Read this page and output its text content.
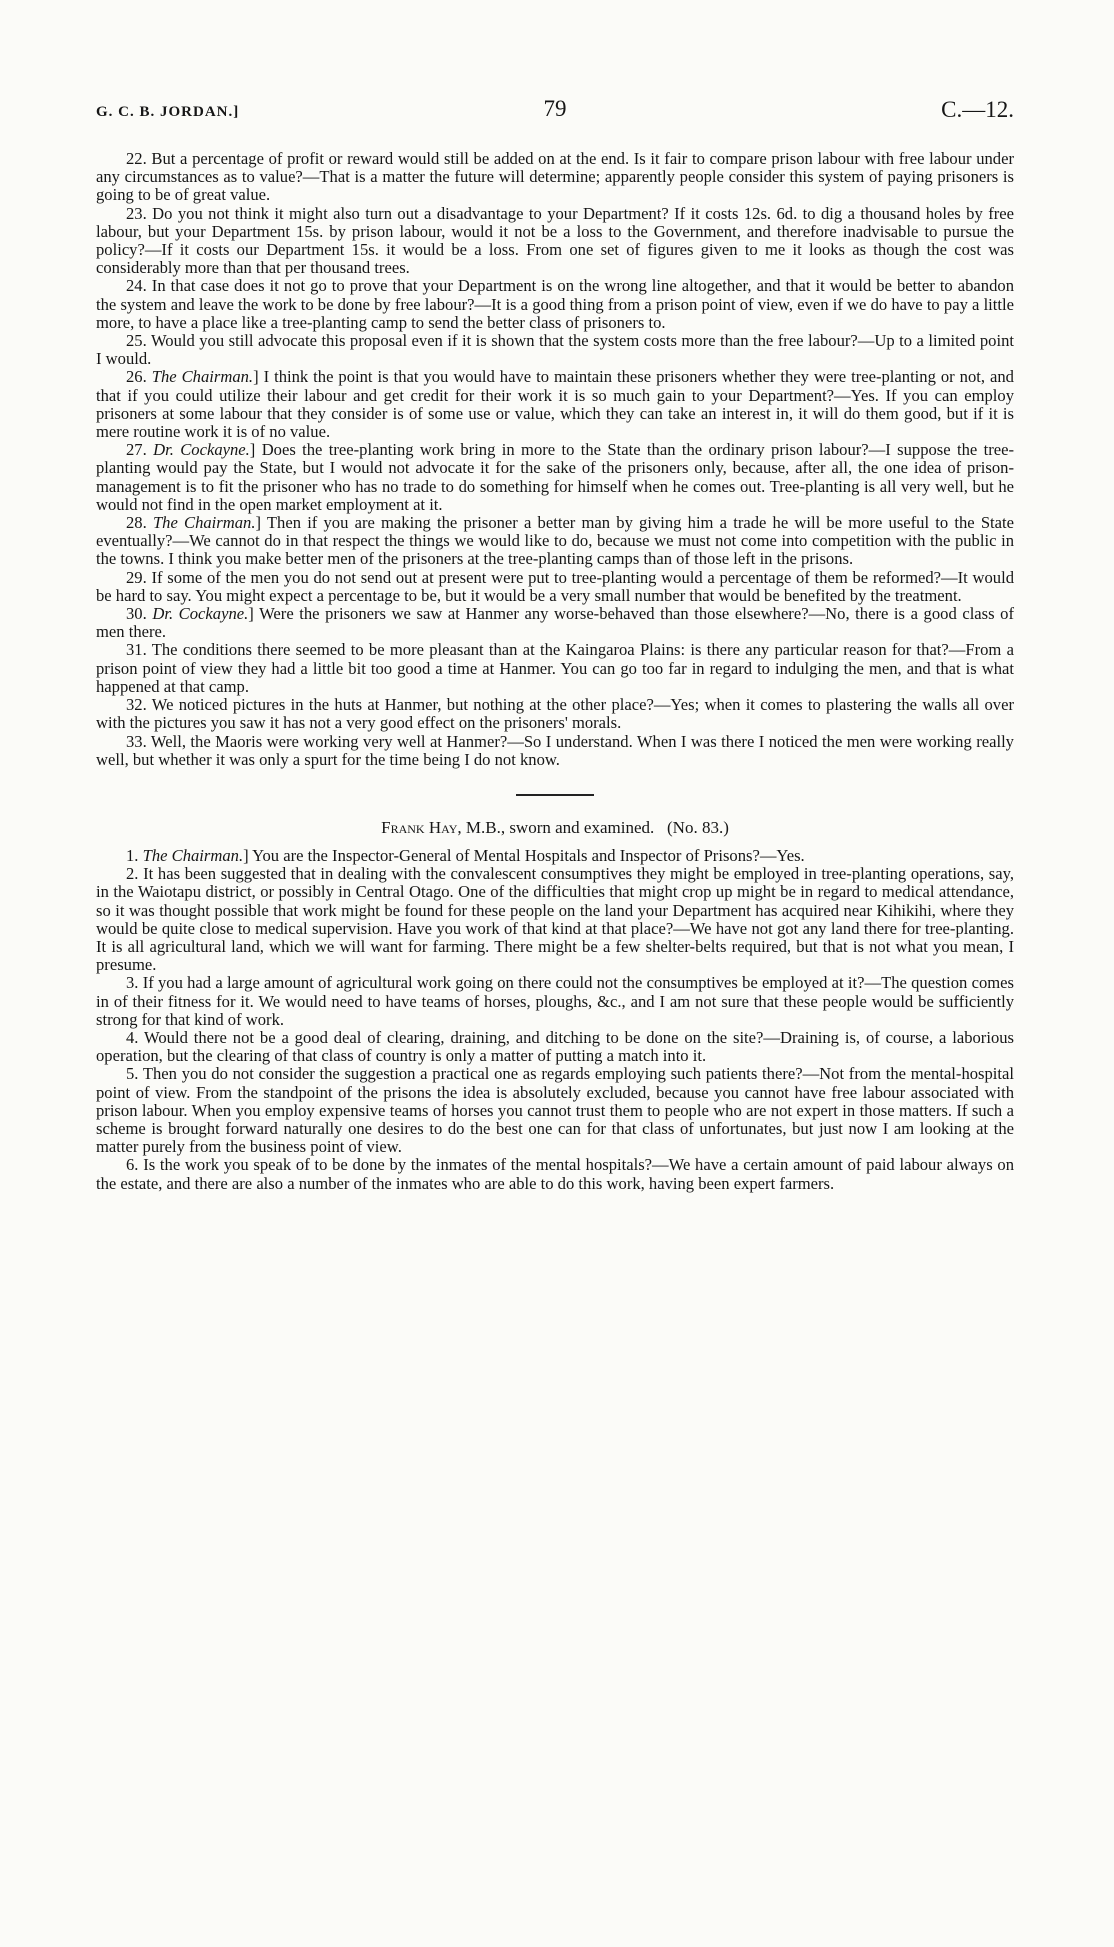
G. C. B. JORDAN.]	79	C.—12.

22. But a percentage of profit or reward would still be added on at the end. Is it fair to compare prison labour with free labour under any circumstances as to value?—That is a matter the future will determine; apparently people consider this system of paying prisoners is going to be of great value.

23. Do you not think it might also turn out a disadvantage to your Department? If it costs 12s. 6d. to dig a thousand holes by free labour, but your Department 15s. by prison labour, would it not be a loss to the Government, and therefore inadvisable to pursue the policy?—If it costs our Department 15s. it would be a loss. From one set of figures given to me it looks as though the cost was considerably more than that per thousand trees.

24. In that case does it not go to prove that your Department is on the wrong line altogether, and that it would be better to abandon the system and leave the work to be done by free labour?—It is a good thing from a prison point of view, even if we do have to pay a little more, to have a place like a tree-planting camp to send the better class of prisoners to.

25. Would you still advocate this proposal even if it is shown that the system costs more than the free labour?—Up to a limited point I would.

26. The Chairman.] I think the point is that you would have to maintain these prisoners whether they were tree-planting or not, and that if you could utilize their labour and get credit for their work it is so much gain to your Department?—Yes. If you can employ prisoners at some labour that they consider is of some use or value, which they can take an interest in, it will do them good, but if it is mere routine work it is of no value.

27. Dr. Cockayne.] Does the tree-planting work bring in more to the State than the ordinary prison labour?—I suppose the tree-planting would pay the State, but I would not advocate it for the sake of the prisoners only, because, after all, the one idea of prison-management is to fit the prisoner who has no trade to do something for himself when he comes out. Tree-planting is all very well, but he would not find in the open market employment at it.

28. The Chairman.] Then if you are making the prisoner a better man by giving him a trade he will be more useful to the State eventually?—We cannot do in that respect the things we would like to do, because we must not come into competition with the public in the towns. I think you make better men of the prisoners at the tree-planting camps than of those left in the prisons.

29. If some of the men you do not send out at present were put to tree-planting would a percentage of them be reformed?—It would be hard to say. You might expect a percentage to be, but it would be a very small number that would be benefited by the treatment.

30. Dr. Cockayne.] Were the prisoners we saw at Hanmer any worse-behaved than those elsewhere?—No, there is a good class of men there.

31. The conditions there seemed to be more pleasant than at the Kaingaroa Plains: is there any particular reason for that?—From a prison point of view they had a little bit too good a time at Hanmer. You can go too far in regard to indulging the men, and that is what happened at that camp.

32. We noticed pictures in the huts at Hanmer, but nothing at the other place?—Yes; when it comes to plastering the walls all over with the pictures you saw it has not a very good effect on the prisoners' morals.

33. Well, the Maoris were working very well at Hanmer?—So I understand. When I was there I noticed the men were working really well, but whether it was only a spurt for the time being I do not know.

Frank Hay, M.B., sworn and examined. (No. 83.)

1. The Chairman.] You are the Inspector-General of Mental Hospitals and Inspector of Prisons?—Yes.

2. It has been suggested that in dealing with the convalescent consumptives they might be employed in tree-planting operations, say, in the Waiotapu district, or possibly in Central Otago. One of the difficulties that might crop up might be in regard to medical attendance, so it was thought possible that work might be found for these people on the land your Department has acquired near Kihikihi, where they would be quite close to medical supervision. Have you work of that kind at that place?—We have not got any land there for tree-planting. It is all agricultural land, which we will want for farming. There might be a few shelter-belts required, but that is not what you mean, I presume.

3. If you had a large amount of agricultural work going on there could not the consumptives be employed at it?—The question comes in of their fitness for it. We would need to have teams of horses, ploughs, &c., and I am not sure that these people would be sufficiently strong for that kind of work.

4. Would there not be a good deal of clearing, draining, and ditching to be done on the site?—Draining is, of course, a laborious operation, but the clearing of that class of country is only a matter of putting a match into it.

5. Then you do not consider the suggestion a practical one as regards employing such patients there?—Not from the mental-hospital point of view. From the standpoint of the prisons the idea is absolutely excluded, because you cannot have free labour associated with prison labour. When you employ expensive teams of horses you cannot trust them to people who are not expert in those matters. If such a scheme is brought forward naturally one desires to do the best one can for that class of unfortunates, but just now I am looking at the matter purely from the business point of view.

6. Is the work you speak of to be done by the inmates of the mental hospitals?—We have a certain amount of paid labour always on the estate, and there are also a number of the inmates who are able to do this work, having been expert farmers.
